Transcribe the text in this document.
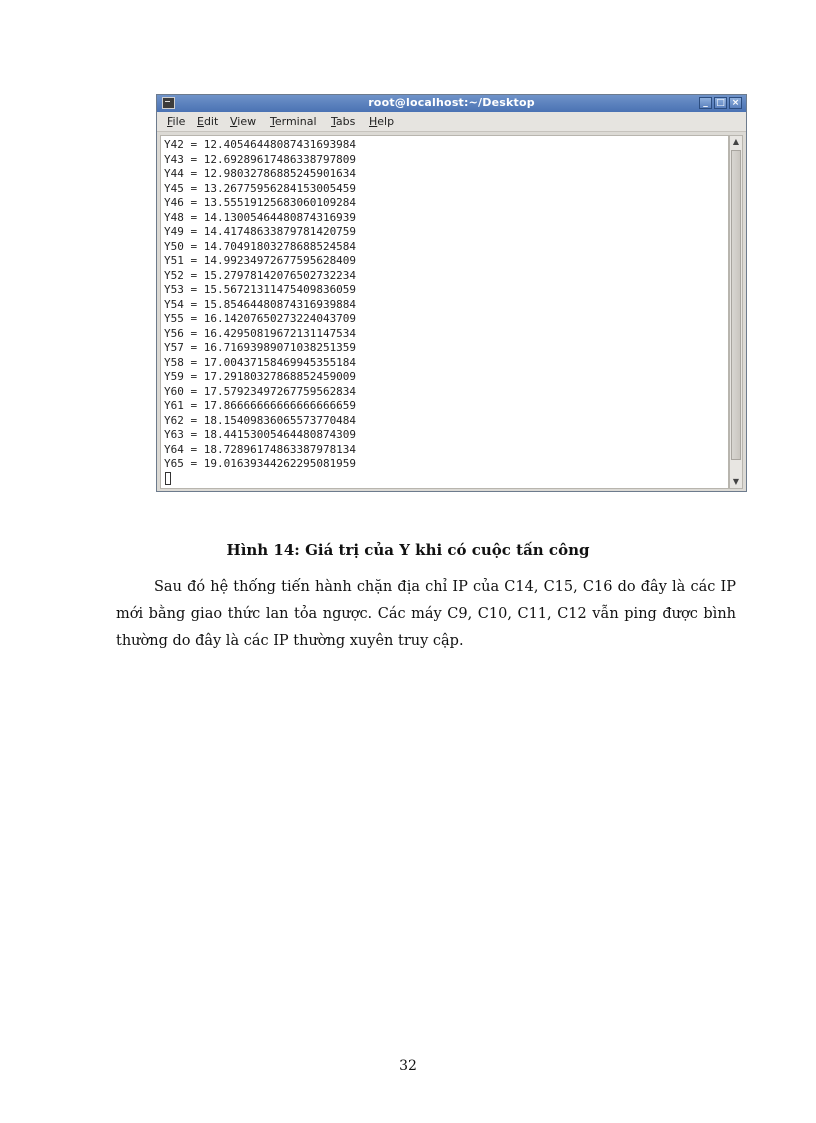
root@localhost:~/Desktop	_ □ ×
File Edit View Terminal Tabs Help
Y42 = 12.40546448087431693984
Y43 = 12.69289617486338797809
Y44 = 12.98032786885245901634
Y45 = 13.26775956284153005459
Y46 = 13.55519125683060109284
Y48 = 14.13005464480874316939
Y49 = 14.41748633879781420759
Y50 = 14.70491803278688524584
Y51 = 14.99234972677595628409
Y52 = 15.27978142076502732234
Y53 = 15.56721311475409836059
Y54 = 15.85464480874316939884
Y55 = 16.14207650273224043709
Y56 = 16.42950819672131147534
Y57 = 16.71693989071038251359
Y58 = 17.00437158469945355184
Y59 = 17.29180327868852459009
Y60 = 17.57923497267759562834
Y61 = 17.86666666666666666659
Y62 = 18.15409836065573770484
Y63 = 18.44153005464480874309
Y64 = 18.72896174863387978134
Y65 = 19.01639344262295081959
▲
▼
Hình 14: Giá trị của Y khi có cuộc tấn công
Sau đó hệ thống tiến hành chặn địa chỉ IP của C14, C15, C16 do đây là các IP mới bằng giao thức lan tỏa ngược. Các máy C9, C10, C11, C12 vẫn ping được bình thường do đây là các IP thường xuyên truy cập.
32
